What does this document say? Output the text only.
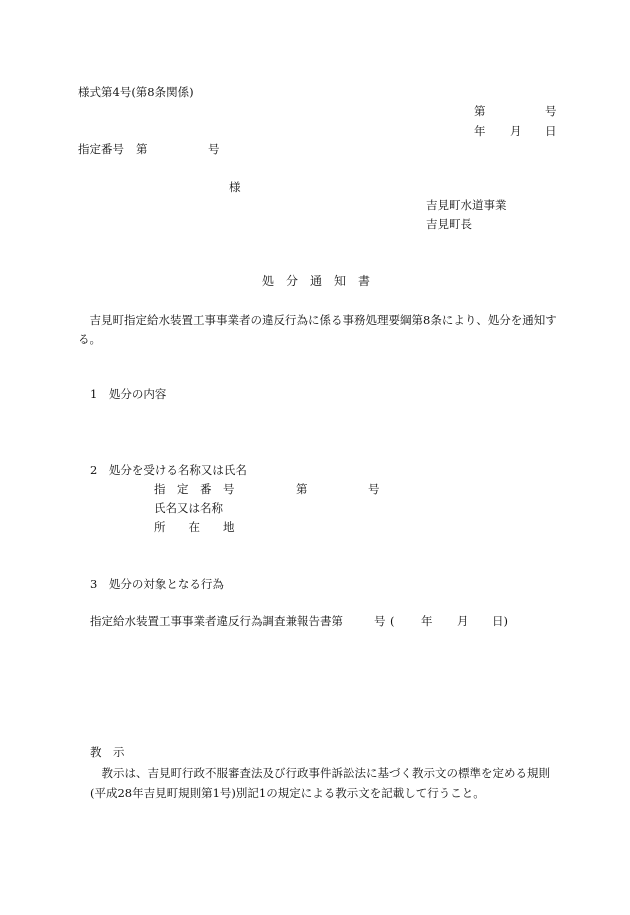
様式第4号(第8条関係)
第	号
年 月 日
指定番号 第	号
様
吉見町水道事業
吉見町長
処　分　通　知　書
吉見町指定給水装置工事事業者の違反行為に係る事務処理要綱第8条により、処分を通知する。
1　処分の内容
2　処分を受ける名称又は氏名
指　定　番　号	第	号
氏名又は名称
所　　在　　地
3　処分の対象となる行為
指定給水装置工事事業者違反行為調査兼報告書第	号 ( 年 月 日)
教　示
教示は、吉見町行政不服審査法及び行政事件訴訟法に基づく教示文の標準を定める規則(平成28年吉見町規則第1号)別記1の規定による教示文を記載して行うこと。
